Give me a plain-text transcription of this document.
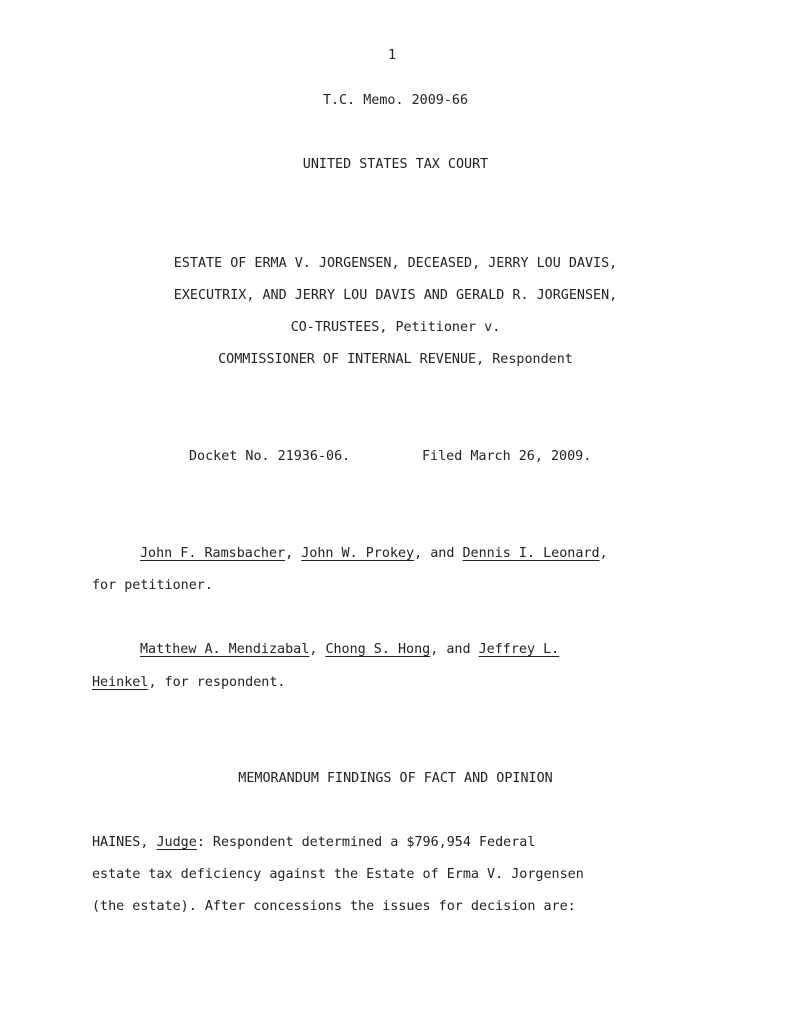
1
T.C. Memo. 2009-66
UNITED STATES TAX COURT
ESTATE OF ERMA V. JORGENSEN, DECEASED, JERRY LOU DAVIS,
EXECUTRIX, AND JERRY LOU DAVIS AND GERALD R. JORGENSEN,
CO-TRUSTEES, Petitioner v.
COMMISSIONER OF INTERNAL REVENUE, Respondent
Docket No. 21936-06.	Filed March 26, 2009.
John F. Ramsbacher, John W. Prokey, and Dennis I. Leonard,
for petitioner.
Matthew A. Mendizabal, Chong S. Hong, and Jeffrey L.
Heinkel, for respondent.
MEMORANDUM FINDINGS OF FACT AND OPINION
HAINES, Judge: Respondent determined a $796,954 Federal
estate tax deficiency against the Estate of Erma V. Jorgensen
(the estate). After concessions the issues for decision are:
